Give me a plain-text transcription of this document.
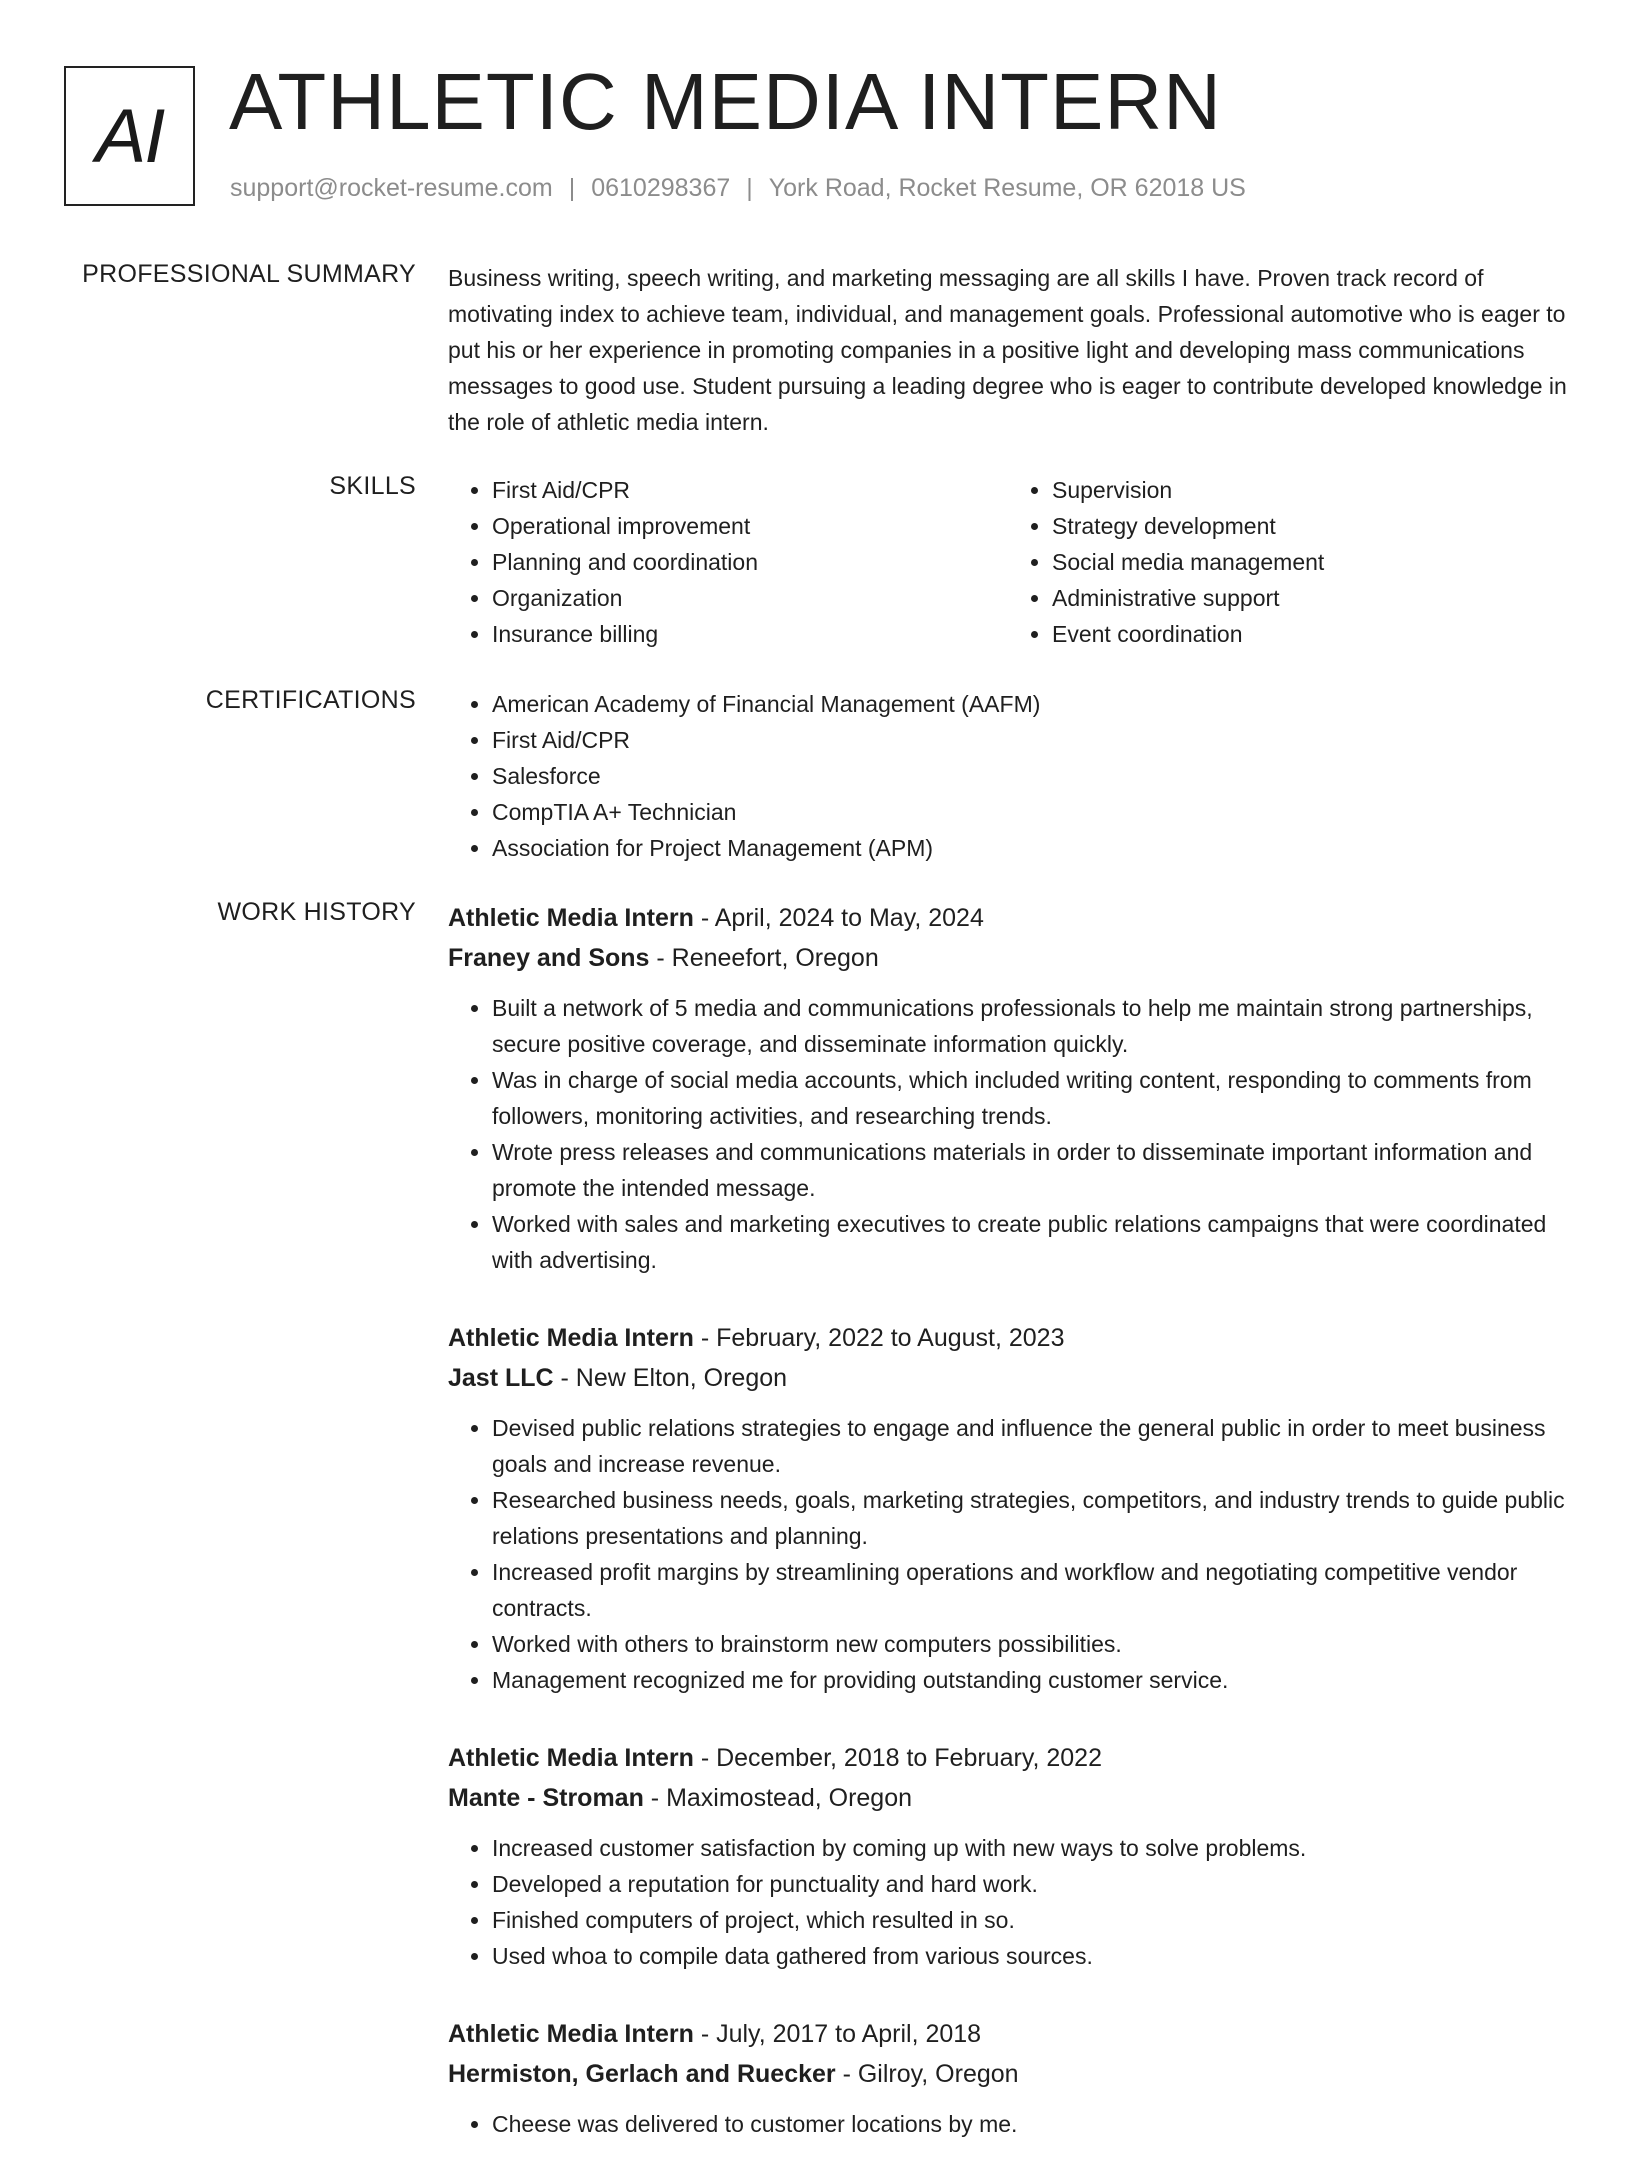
AI ATHLETIC MEDIA INTERN
support@rocket-resume.com | 0610298367 | York Road, Rocket Resume, OR 62018 US
PROFESSIONAL SUMMARY Business writing, speech writing, and marketing messaging are all skills I have. Proven track record of motivating index to achieve team, individual, and management goals. Professional automotive who is eager to put his or her experience in promoting companies in a positive light and developing mass communications messages to good use. Student pursuing a leading degree who is eager to contribute developed knowledge in the role of athletic media intern.

SKILLS	• First Aid/CPR
• Operational improvement
• Planning and coordination
• Organization
• Insurance billing
• Supervision
• Strategy development
• Social media management
• Administrative support
• Event coordination
CERTIFICATIONS	• American Academy of Financial Management (AAFM)
• First Aid/CPR
• Salesforce
• CompTIA A+ Technician
• Association for Project Management (APM)
WORK HISTORY Athletic Media Intern - April, 2024 to May, 2024
Franey and Sons - Reneefort, Oregon
• Built a network of 5 media and communications professionals to help me maintain strong partnerships, secure positive coverage, and disseminate information quickly.
• Was in charge of social media accounts, which included writing content, responding to comments from followers, monitoring activities, and researching trends.
• Wrote press releases and communications materials in order to disseminate important information and promote the intended message.
• Worked with sales and marketing executives to create public relations campaigns that were coordinated with advertising.
Athletic Media Intern - February, 2022 to August, 2023
Jast LLC - New Elton, Oregon
• Devised public relations strategies to engage and influence the general public in order to meet business goals and increase revenue.
• Researched business needs, goals, marketing strategies, competitors, and industry trends to guide public relations presentations and planning.
• Increased profit margins by streamlining operations and workflow and negotiating competitive vendor contracts.
• Worked with others to brainstorm new computers possibilities.
• Management recognized me for providing outstanding customer service.
Athletic Media Intern - December, 2018 to February, 2022
Mante - Stroman - Maximostead, Oregon
• Increased customer satisfaction by coming up with new ways to solve problems.
• Developed a reputation for punctuality and hard work.
• Finished computers of project, which resulted in so.
• Used whoa to compile data gathered from various sources.
Athletic Media Intern - July, 2017 to April, 2018
Hermiston, Gerlach and Ruecker - Gilroy, Oregon
• Cheese was delivered to customer locations by me.
